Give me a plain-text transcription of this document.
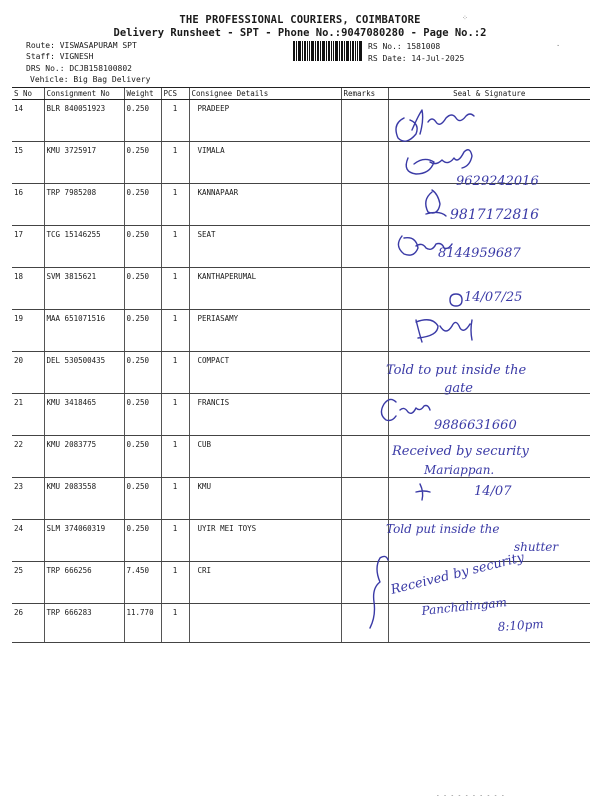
THE PROFESSIONAL COURIERS, COIMBATORE
Delivery Runsheet - SPT - Phone No.:9047080280 - Page No.:2
Route: VISWASAPURAM SPT
Staff: VIGNESH
DRS No.: DCJB158100802
Vehicle: Big Bag Delivery
RS No.: 1581008
RS Date: 14-Jul-2025
⁘
·
S No	Consignment No	Weight	PCS	Consignee Details	Remarks	Seal & Signature
14	BLR 840051923	0.250	1	PRADEEP		
15	KMU 3725917	0.250	1	VIMALA		
16	TRP 7985208	0.250	1	KANNAPAAR		
17	TCG 15146255	0.250	1	SEAT		
18	SVM 3815621	0.250	1	KANTHAPERUMAL		
19	MAA 651071516	0.250	1	PERIASAMY		
20	DEL 530500435	0.250	1	COMPACT		
21	KMU 3418465	0.250	1	FRANCIS		
22	KMU 2083775	0.250	1	CUB		
23	KMU 2083558	0.250	1	KMU		
24	SLM 374060319	0.250	1	UYIR MEI TOYS		
25	TRP 666256	7.450	1	CRI		
26	TRP 666283	11.770	1			
9629242016
9817172816
8144959687
14/07/25
Told to put inside the
gate
9886631660
Received by security
Mariappan.
14/07
Told put inside the
shutter
Received by security
Panchalingam
8:10pm
- - - - - - - - - -
